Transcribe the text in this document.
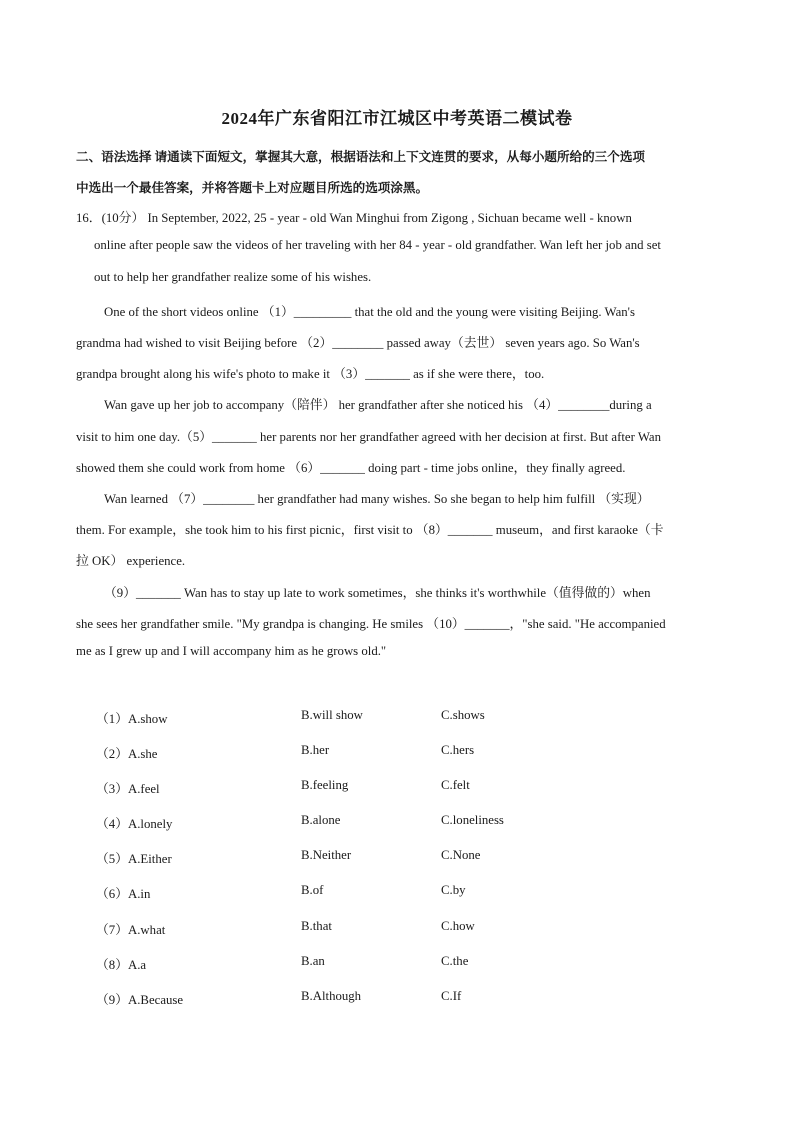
2024年广东省阳江市江城区中考英语二模试卷
二、语法选择 请通读下面短文，掌握其大意，根据语法和上下文连贯的要求，从每小题所给的三个选项
中选出一个最佳答案，并将答题卡上对应题目所选的选项涂黑。
16．(10分） In September, 2022, 25 - year - old Wan Minghui from Zigong , Sichuan became well - known
online after people saw the videos of her traveling with her 84 - year - old grandfather. Wan left her job and set
out to help her grandfather realize some of his wishes.
One of the short videos online （1）_________ that the old and the young were visiting Beijing. Wan's
grandma had wished to visit Beijing before （2）________ passed away（去世） seven years ago. So Wan's
grandpa brought along his wife's photo to make it （3）_______ as if she were there，too.
Wan gave up her job to accompany（陪伴） her grandfather after she noticed his （4）________during a
visit to him one day.（5）_______ her parents nor her grandfather agreed with her decision at first. But after Wan
showed them she could work from home （6）_______ doing part - time jobs online，they finally agreed.
Wan learned （7）________ her grandfather had many wishes. So she began to help him fulfill （实现）
them. For example，she took him to his first picnic，first visit to （8）_______ museum，and first karaoke（卡
拉 OK） experience.
（9）_______ Wan has to stay up late to work sometimes，she thinks it's worthwhile（值得做的）when
she sees her grandfather smile. "My grandpa is changing. He smiles （10）_______，"she said. "He accompanied
me as I grew up and I will accompany him as he grows old."
（1）A.show	B.will show	C.shows
（2）A.she	B.her	C.hers
（3）A.feel	B.feeling	C.felt
（4）A.lonely	B.alone	C.loneliness
（5）A.Either	B.Neither	C.None
（6）A.in	B.of	C.by
（7）A.what	B.that	C.how
（8）A.a	B.an	C.the
（9）A.Because	B.Although	C.If
